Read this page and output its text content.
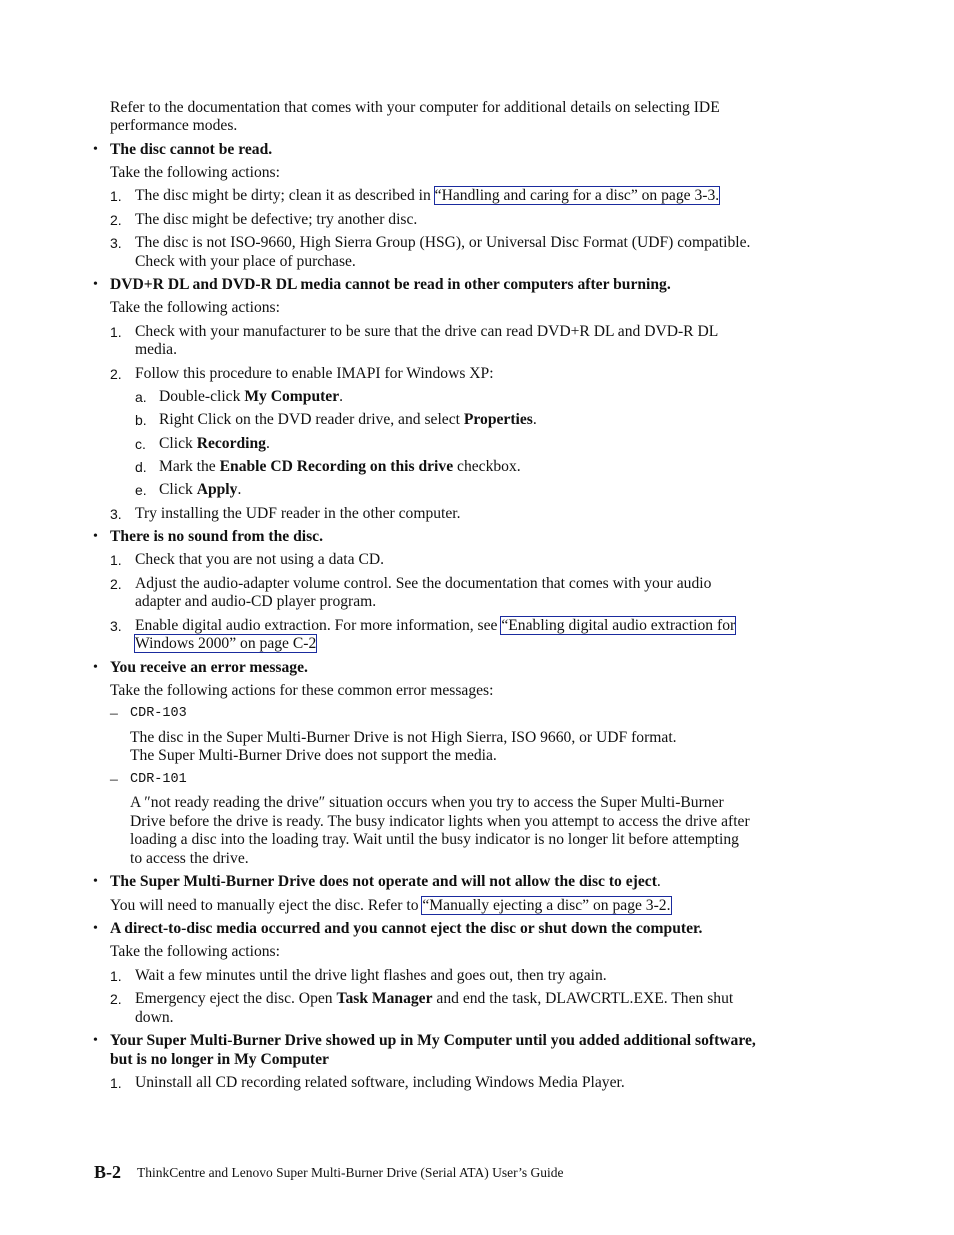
Refer to the documentation that comes with your computer for additional details on selecting IDE
performance modes.
• The disc cannot be read.
Take the following actions:
1. The disc might be dirty; clean it as described in “Handling and caring for a disc” on page 3-3.
2. The disc might be defective; try another disc.
3. The disc is not ISO-9660, High Sierra Group (HSG), or Universal Disc Format (UDF) compatible.
Check with your place of purchase.
• DVD+R DL and DVD-R DL media cannot be read in other computers after burning.
Take the following actions:
1. Check with your manufacturer to be sure that the drive can read DVD+R DL and DVD-R DL
media.
2. Follow this procedure to enable IMAPI for Windows XP:
a. Double-click My Computer.
b. Right Click on the DVD reader drive, and select Properties.
c. Click Recording.
d. Mark the Enable CD Recording on this drive checkbox.
e. Click Apply.
3. Try installing the UDF reader in the other computer.
• There is no sound from the disc.
1. Check that you are not using a data CD.
2. Adjust the audio-adapter volume control. See the documentation that comes with your audio
adapter and audio-CD player program.
3. Enable digital audio extraction. For more information, see “Enabling digital audio extraction for
Windows 2000” on page C-2
• You receive an error message.
Take the following actions for these common error messages:
– CDR-103
The disc in the Super Multi-Burner Drive is not High Sierra, ISO 9660, or UDF format.
The Super Multi-Burner Drive does not support the media.
– CDR-101
A ″not ready reading the drive″ situation occurs when you try to access the Super Multi-Burner
Drive before the drive is ready. The busy indicator lights when you attempt to access the drive after
loading a disc into the loading tray. Wait until the busy indicator is no longer lit before attempting
to access the drive.
• The Super Multi-Burner Drive does not operate and will not allow the disc to eject.
You will need to manually eject the disc. Refer to “Manually ejecting a disc” on page 3-2.
• A direct-to-disc media occurred and you cannot eject the disc or shut down the computer.
Take the following actions:
1. Wait a few minutes until the drive light flashes and goes out, then try again.
2. Emergency eject the disc. Open Task Manager and end the task, DLAWCRTL.EXE. Then shut
down.
• Your Super Multi-Burner Drive showed up in My Computer until you added additional software,
but is no longer in My Computer
1. Uninstall all CD recording related software, including Windows Media Player.
B-2 ThinkCentre and Lenovo Super Multi-Burner Drive (Serial ATA) User’s Guide
